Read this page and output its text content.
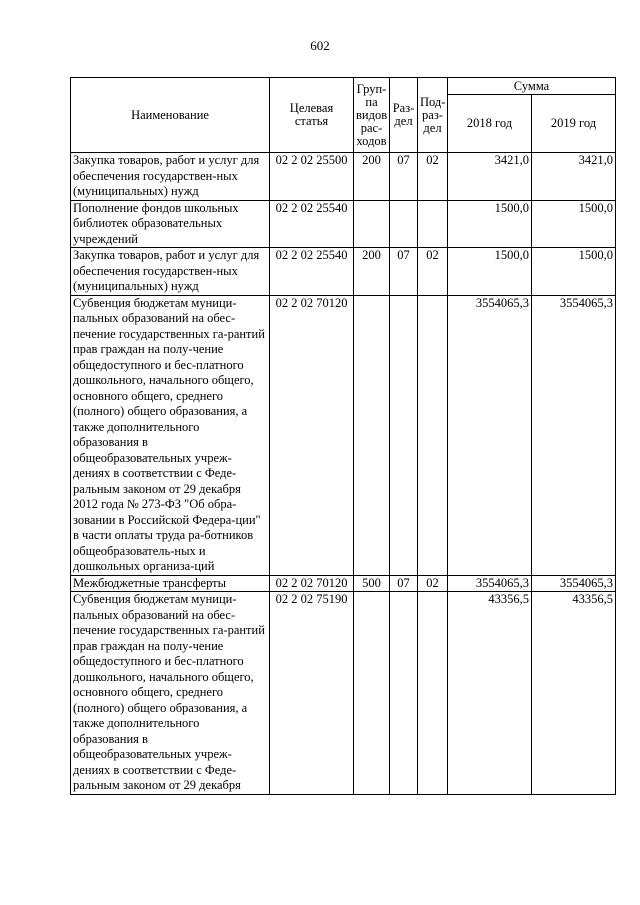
602
Наименование	Целевая статья	Груп-па видов рас-ходов	Раз-дел	Под-раз-дел	Сумма	
					2018 год	2019 год
Закупка товаров, работ и услуг для обеспечения государствен-ных (муниципальных) нужд	02 2 02 25500	200	07	02	3421,0	3421,0
Пополнение фондов школьных библиотек образовательных учреждений	02 2 02 25540				1500,0	1500,0
Закупка товаров, работ и услуг для обеспечения государствен-ных (муниципальных) нужд	02 2 02 25540	200	07	02	1500,0	1500,0
Субвенция бюджетам муници-пальных образований на обес-печение государственных га-рантий прав граждан на полу-чение общедоступного и бес-платного дошкольного, начального общего, основного общего, среднего (полного) общего образования, а также дополнительного образования в общеобразовательных учреж-дениях в соответствии с Феде-ральным законом от 29 декабря 2012 года № 273-ФЗ "Об обра-зовании в Российской Федера-ции" в части оплаты труда ра-ботников общеобразователь-ных и дошкольных организа-ций	02 2 02 70120				3554065,3	3554065,3
Межбюджетные трансферты	02 2 02 70120	500	07	02	3554065,3	3554065,3
Субвенция бюджетам муници-пальных образований на обес-печение государственных га-рантий прав граждан на полу-чение общедоступного и бес-платного дошкольного, начального общего, основного общего, среднего (полного) общего образования, а также дополнительного образования в общеобразовательных учреж-дениях в соответствии с Феде-ральным законом от 29 декабря	02 2 02 75190				43356,5	43356,5
